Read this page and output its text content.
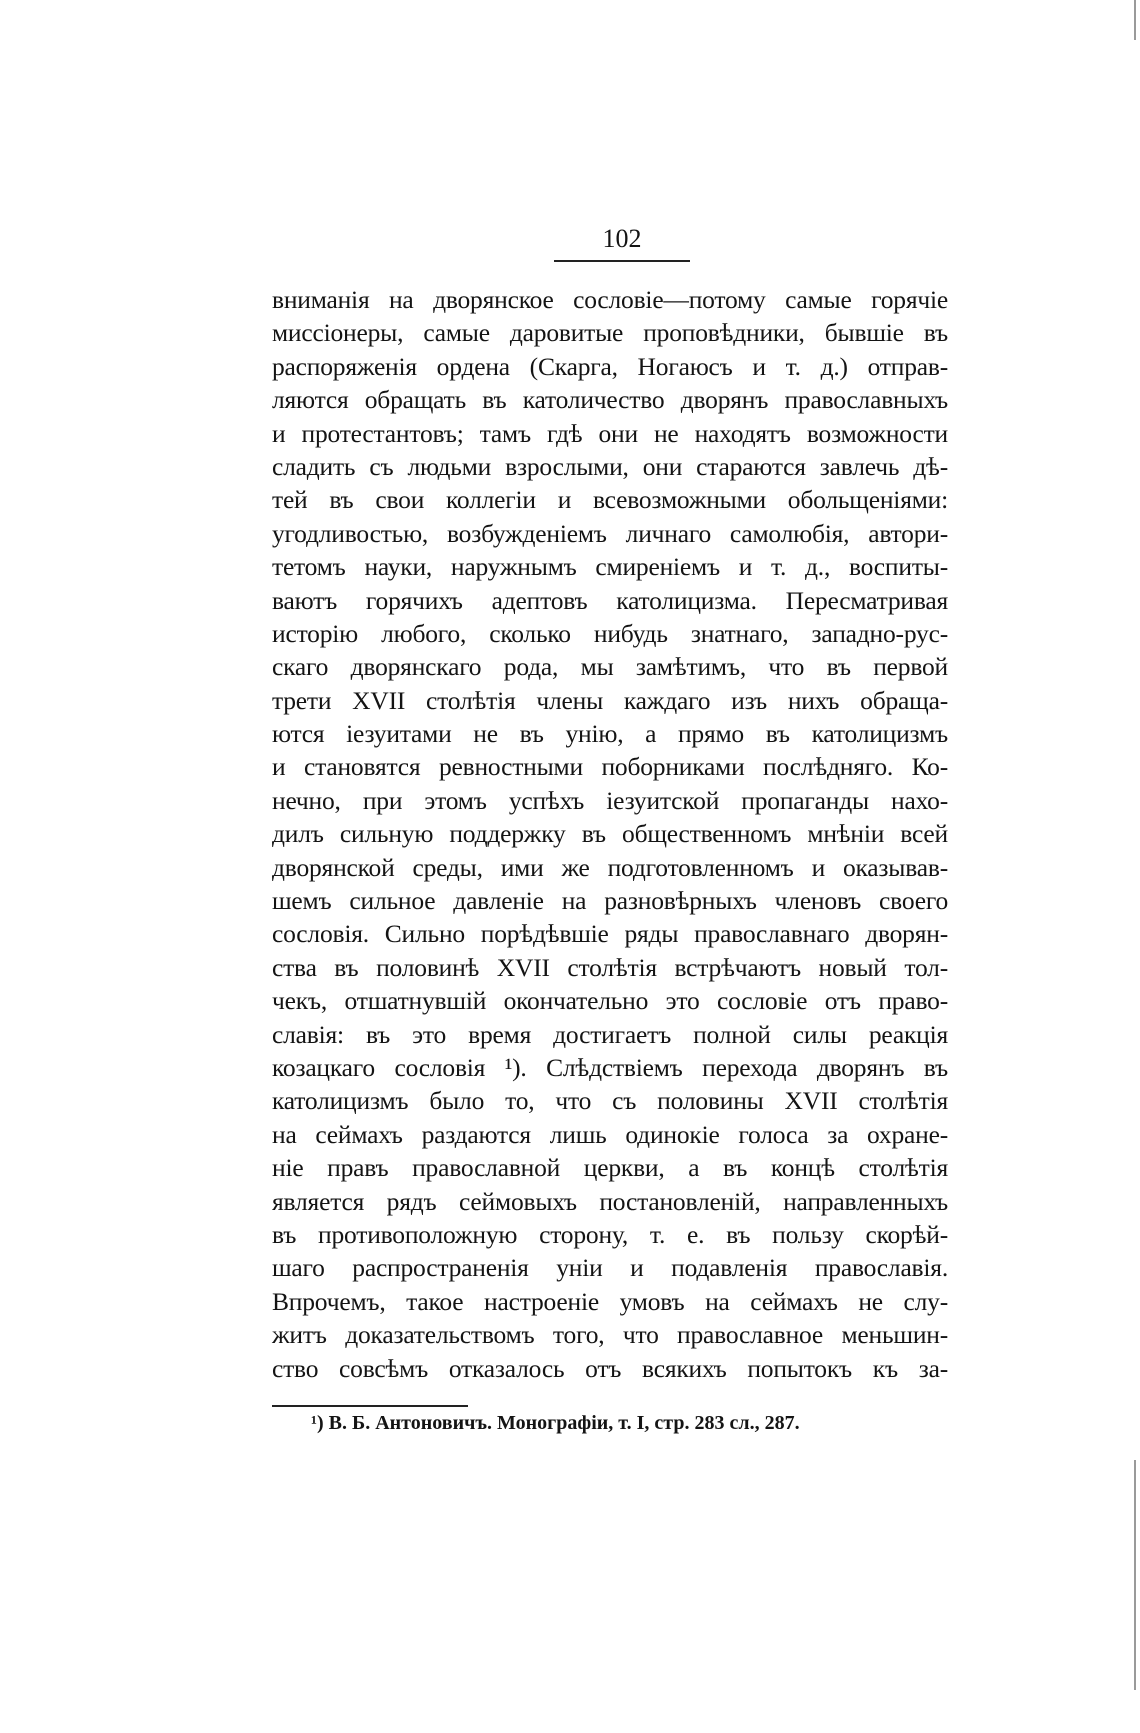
102
вниманія на дворянское сословіе—потому самые горячіе
миссіонеры, самые даровитые проповѣдники, бывшіе въ
распоряженія ордена (Скарга, Ногаюсъ и т. д.) отправ-
ляются обращать въ католичество дворянъ православныхъ
и протестантовъ; тамъ гдѣ они не находятъ возможности
сладить съ людьми взрослыми, они стараются завлечь дѣ-
тей въ свои коллегіи и всевозможными обольщеніями:
угодливостью, возбужденіемъ личнаго самолюбія, автори-
тетомъ науки, наружнымъ смиреніемъ и т. д., воспиты-
ваютъ горячихъ адептовъ католицизма. Пересматривая
исторію любого, сколько нибудь знатнаго, западно-рус-
скаго дворянскаго рода, мы замѣтимъ, что въ первой
трети XVII столѣтія члены каждаго изъ нихъ обраща-
ются іезуитами не въ унію, а прямо въ католицизмъ
и становятся ревностными поборниками послѣдняго. Ко-
нечно, при этомъ успѣхъ іезуитской пропаганды нахо-
дилъ сильную поддержку въ общественномъ мнѣніи всей
дворянской среды, ими же подготовленномъ и оказывав-
шемъ сильное давленіе на разновѣрныхъ членовъ своего
сословія. Сильно порѣдѣвшіе ряды православнаго дворян-
ства въ половинѣ XVII столѣтія встрѣчаютъ новый тол-
чекъ, отшатнувшій окончательно это сословіе отъ право-
славія: въ это время достигаетъ полной силы реакція
козацкаго сословія ¹). Слѣдствіемъ перехода дворянъ въ
католицизмъ было то, что съ половины XVII столѣтія
на сеймахъ раздаются лишь одинокіе голоса за охране-
ніе правъ православной церкви, а въ концѣ столѣтія
является рядъ сеймовыхъ постановленій, направленныхъ
въ противоположную сторону, т. е. въ пользу скорѣй-
шаго распространенія уніи и подавленія православія.
Впрочемъ, такое настроеніе умовъ на сеймахъ не слу-
житъ доказательствомъ того, что православное меньшин-
ство совсѣмъ отказалось отъ всякихъ попытокъ къ за-
¹) В. Б. Антоновичъ. Монографіи, т. I, стр. 283 сл., 287.
